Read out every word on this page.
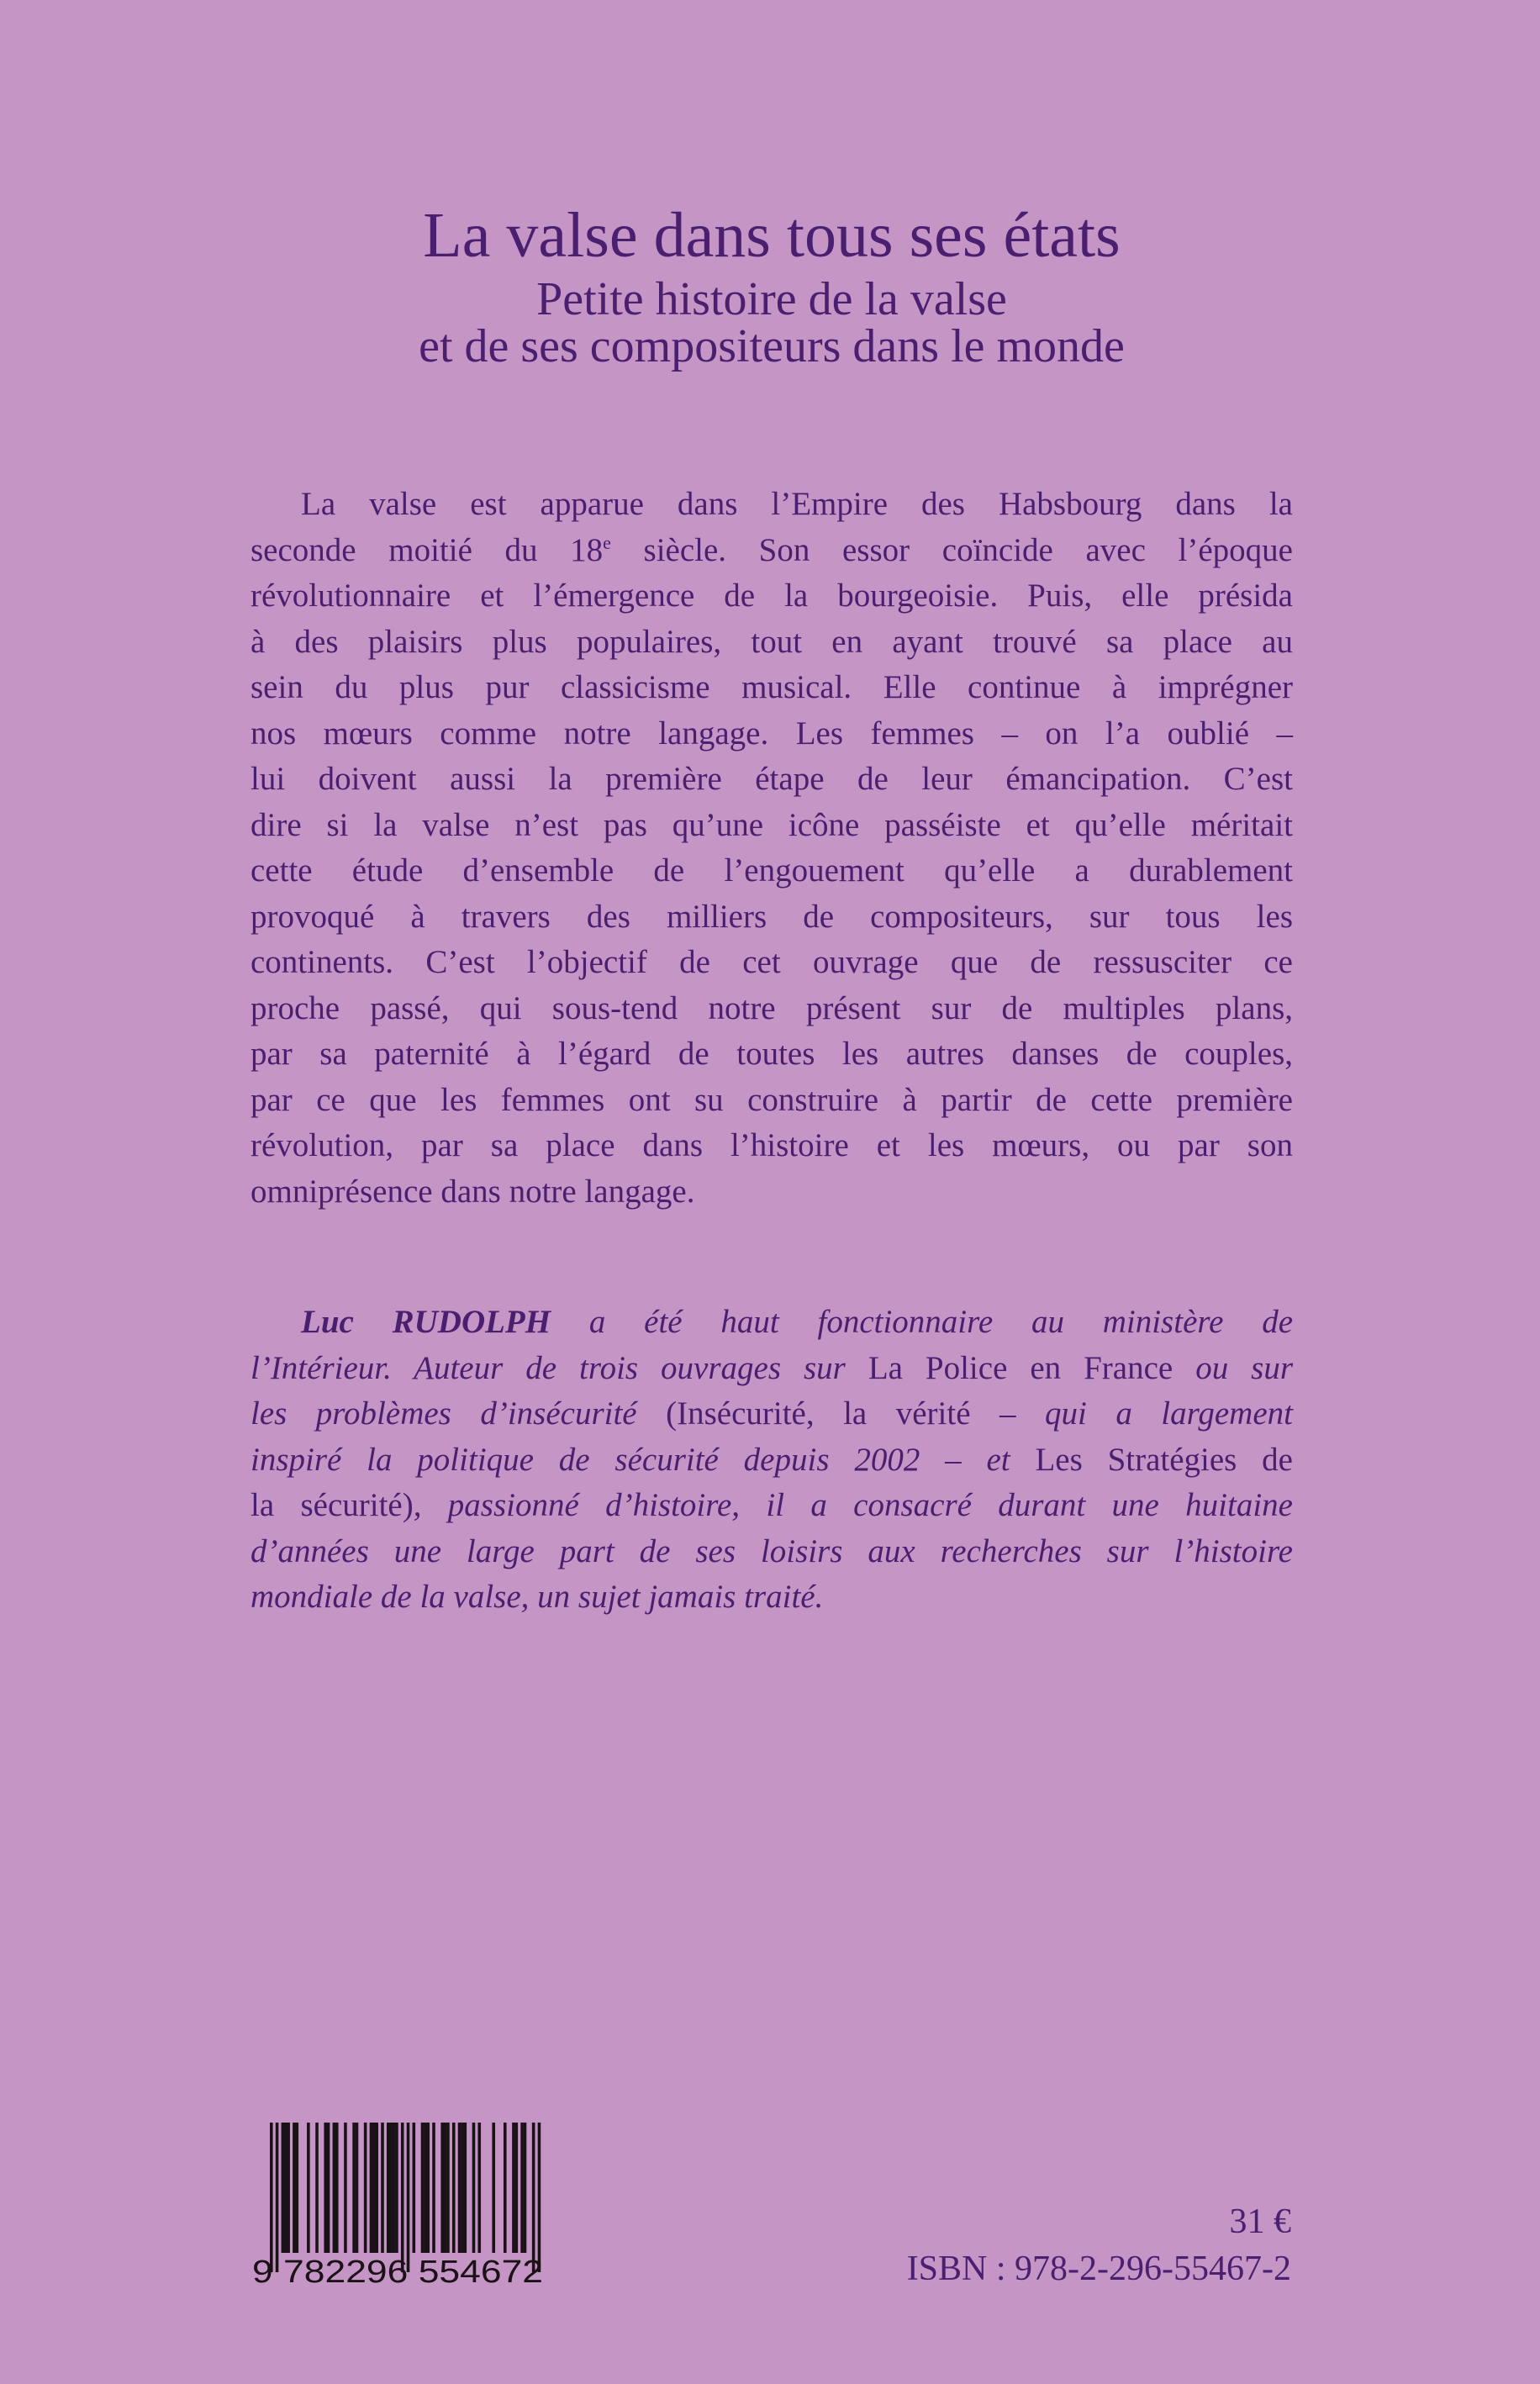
La valse dans tous ses états
Petite histoire de la valse
et de ses compositeurs dans le monde
La valse est apparue dans l’Empire des Habsbourg dans la
seconde moitié du 18e siècle. Son essor coïncide avec l’époque
révolutionnaire et l’émergence de la bourgeoisie. Puis, elle présida
à des plaisirs plus populaires, tout en ayant trouvé sa place au
sein du plus pur classicisme musical. Elle continue à imprégner
nos mœurs comme notre langage. Les femmes – on l’a oublié –
lui doivent aussi la première étape de leur émancipation. C’est
dire si la valse n’est pas qu’une icône passéiste et qu’elle méritait
cette étude d’ensemble de l’engouement qu’elle a durablement
provoqué à travers des milliers de compositeurs, sur tous les
continents. C’est l’objectif de cet ouvrage que de ressusciter ce
proche passé, qui sous-tend notre présent sur de multiples plans,
par sa paternité à l’égard de toutes les autres danses de couples,
par ce que les femmes ont su construire à partir de cette première
révolution, par sa place dans l’histoire et les mœurs, ou par son
omniprésence dans notre langage.
Luc RUDOLPH a été haut fonctionnaire au ministère de
l’Intérieur. Auteur de trois ouvrages sur La Police en France ou sur
les problèmes d’insécurité (Insécurité, la vérité – qui a largement
inspiré la politique de sécurité depuis 2002 – et Les Stratégies de
la sécurité), passionné d’histoire, il a consacré durant une huitaine
d’années une large part de ses loisirs aux recherches sur l’histoire
mondiale de la valse, un sujet jamais traité.
9 782296 554672
31 €
ISBN : 978-2-296-55467-2
